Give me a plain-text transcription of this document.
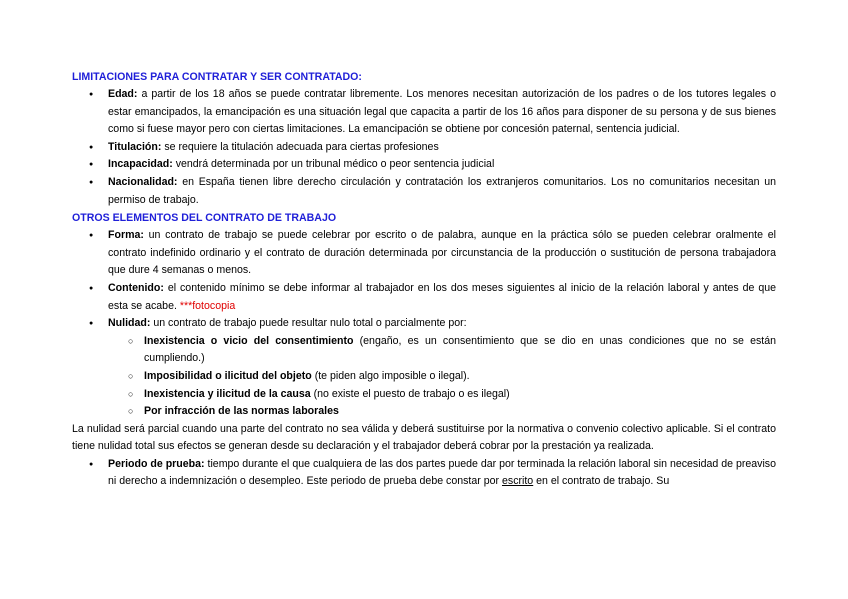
LIMITACIONES PARA CONTRATAR Y SER CONTRATADO:

● Edad: a partir de los 18 años se puede contratar libremente. Los menores necesitan autorización de los padres o de los tutores legales o estar emancipados, la emancipación es una situación legal que capacita a partir de los 16 años para disponer de su persona y de sus bienes como si fuese mayor pero con ciertas limitaciones. La emancipación se obtiene por concesión paternal, sentencia judicial.
● Titulación: se requiere la titulación adecuada para ciertas profesiones
● Incapacidad: vendrá determinada por un tribunal médico o peor sentencia judicial
● Nacionalidad: en España tienen libre derecho circulación y contratación los extranjeros comunitarios. Los no comunitarios necesitan un permiso de trabajo.

OTROS ELEMENTOS DEL CONTRATO DE TRABAJO

● Forma: un contrato de trabajo se puede celebrar por escrito o de palabra, aunque en la práctica sólo se pueden celebrar oralmente el contrato indefinido ordinario y el contrato de duración determinada por circunstancia de la producción o sustitución de persona trabajadora que dure 4 semanas o menos.
● Contenido: el contenido mínimo se debe informar al trabajador en los dos meses siguientes al inicio de la relación laboral y antes de que esta se acabe. ***fotocopia
● Nulidad: un contrato de trabajo puede resultar nulo total o parcialmente por:
○ Inexistencia o vicio del consentimiento (engaño, es un consentimiento que se dio en unas condiciones que no se están cumpliendo.)
○ Imposibilidad o ilicitud del objeto (te piden algo imposible o ilegal).
○ Inexistencia y ilicitud de la causa (no existe el puesto de trabajo o es ilegal)
○ Por infracción de las normas laborales

La nulidad será parcial cuando una parte del contrato no sea válida y deberá sustituirse por la normativa o convenio colectivo aplicable. Si el contrato tiene nulidad total sus efectos se generan desde su declaración y el trabajador deberá cobrar por la prestación ya realizada.

● Periodo de prueba: tiempo durante el que cualquiera de las dos partes puede dar por terminada la relación laboral sin necesidad de preaviso ni derecho a indemnización o desempleo. Este periodo de prueba debe constar por escrito en el contrato de trabajo. Su
